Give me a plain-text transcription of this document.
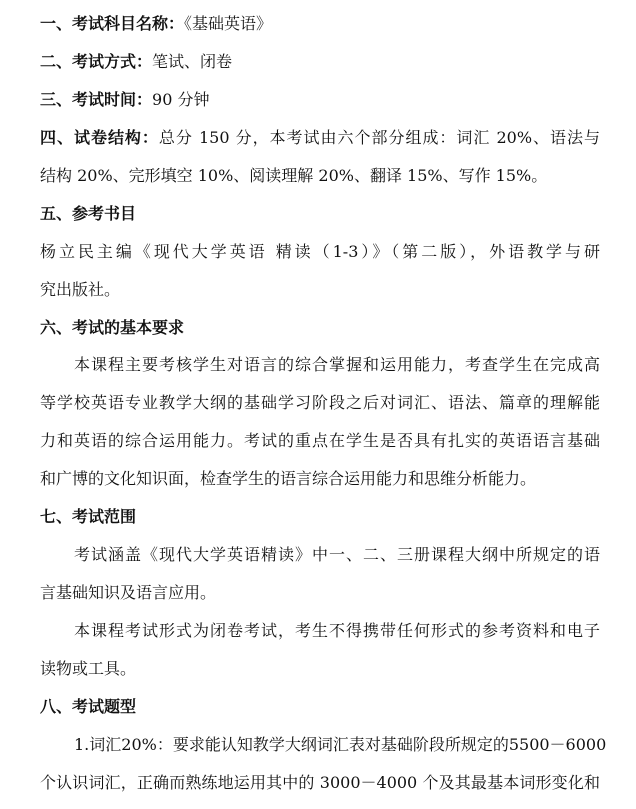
一、考试科目名称：《基础英语》
二、考试方式：笔试、闭卷
三、考试时间：90 分钟
四、试卷结构：总分 150 分，本考试由六个部分组成：词汇 20%、语法与
结构 20%、完形填空 10%、阅读理解 20%、翻译 15%、写作 15%。
五、参考书目
杨立民主编《现代大学英语 精读（1-3）》（第二版），外语教学与研
究出版社。
六、考试的基本要求
本课程主要考核学生对语言的综合掌握和运用能力，考查学生在完成高
等学校英语专业教学大纲的基础学习阶段之后对词汇、语法、篇章的理解能
力和英语的综合运用能力。考试的重点在学生是否具有扎实的英语语言基础
和广博的文化知识面，检查学生的语言综合运用能力和思维分析能力。
七、考试范围
考试涵盖《现代大学英语精读》中一、二、三册课程大纲中所规定的语
言基础知识及语言应用。
本课程考试形式为闭卷考试，考生不得携带任何形式的参考资料和电子
读物或工具。
八、考试题型
1.词汇20%：要求能认知教学大纲词汇表对基础阶段所规定的5500－6000
个认识词汇，正确而熟练地运用其中的 3000－4000 个及其最基本词形变化和
